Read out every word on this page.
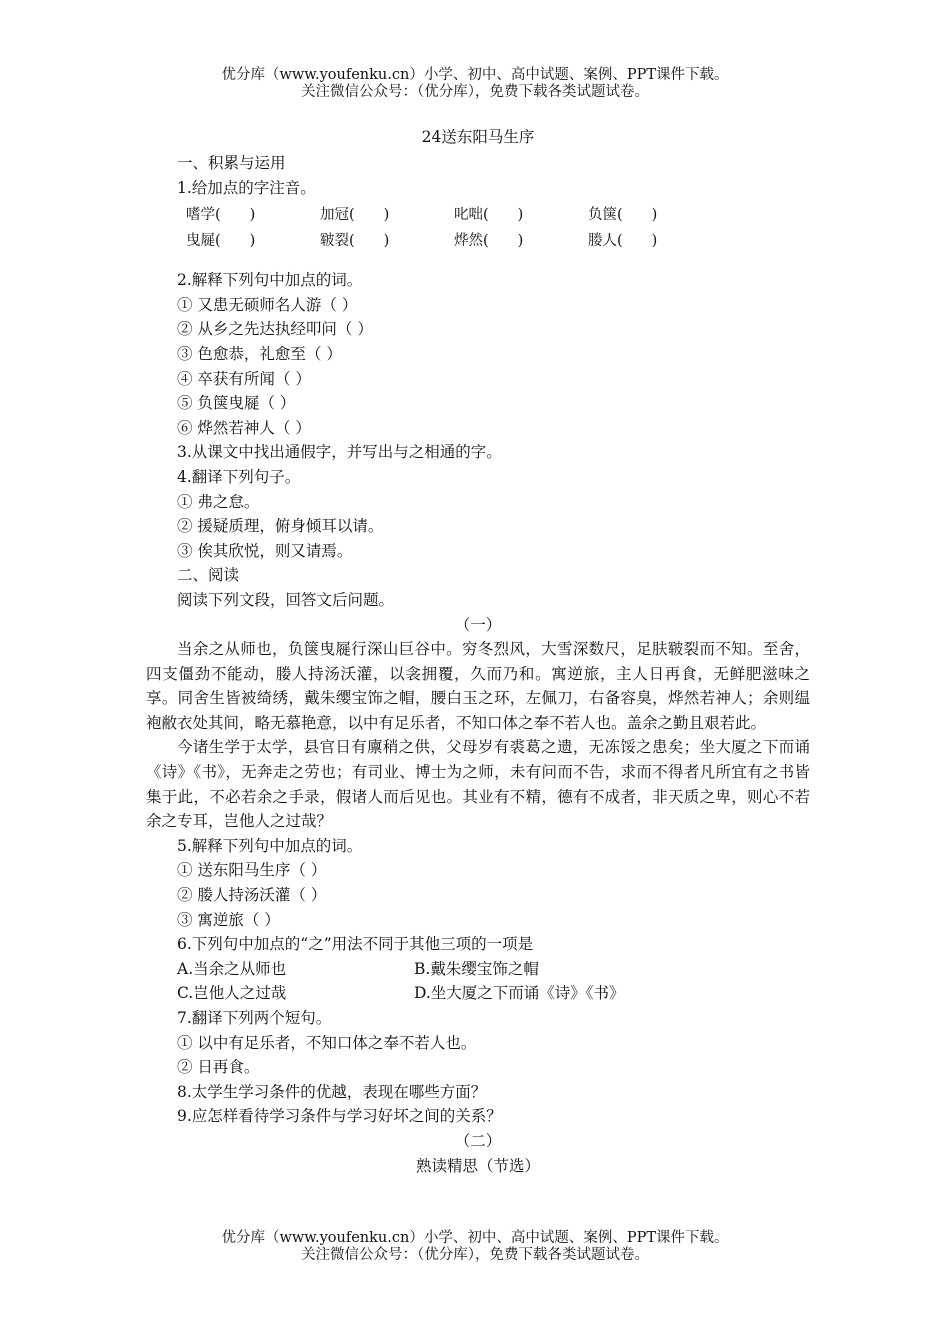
优分库（www.youfenku.cn）小学、初中、高中试题、案例、PPT课件下载。
关注微信公众号：（优分库），免费下载各类试题试卷。
24送东阳马生序
一、积累与运用
1.给加点的字注音。
嗜学(　　)	加冠(　　)	叱咄(　　)	负箧(　　)
曳屣(　　)	皲裂(　　)	烨然(　　)	媵人(　　)
2.解释下列句中加点的词。
① 又患无硕师名人游（ ）
② 从乡之先达执经叩问（ ）
③ 色愈恭，礼愈至（ ）
④ 卒获有所闻（ ）
⑤ 负箧曳屣（ ）
⑥ 烨然若神人（ ）
3.从课文中找出通假字，并写出与之相通的字。
4.翻译下列句子。
① 弗之怠。
② 援疑质理，俯身倾耳以请。
③ 俟其欣悦，则又请焉。
二、阅读
阅读下列文段，回答文后问题。
（一）

当余之从师也，负箧曳屣行深山巨谷中。穷冬烈风，大雪深数尺，足肤皲裂而不知。至舍，四支僵劲不能动，媵人持汤沃灌，以衾拥覆，久而乃和。寓逆旅，主人日再食，无鲜肥滋味之享。同舍生皆被绮绣，戴朱缨宝饰之帽，腰白玉之环，左佩刀，右备容臭，烨然若神人；余则缊袍敝衣处其间，略无慕艳意，以中有足乐者，不知口体之奉不若人也。盖余之勤且艰若此。

今诸生学于太学，县官日有廪稍之供，父母岁有裘葛之遗，无冻馁之患矣；坐大厦之下而诵《诗》《书》，无奔走之劳也；有司业、博士为之师，未有问而不告，求而不得者凡所宜有之书皆集于此，不必若余之手录，假诸人而后见也。其业有不精，德有不成者，非天质之卑，则心不若余之专耳，岂他人之过哉？

5.解释下列句中加点的词。
① 送东阳马生序（ ）
② 媵人持汤沃灌（ ）
③ 寓逆旅（ ）
6.下列句中加点的“之”用法不同于其他三项的一项是
A.当余之从师也	B.戴朱缨宝饰之帽
C.岂他人之过哉	D.坐大厦之下而诵《诗》《书》
7.翻译下列两个短句。
① 以中有足乐者，不知口体之奉不若人也。
② 日再食。
8.太学生学习条件的优越，表现在哪些方面？
9.应怎样看待学习条件与学习好坏之间的关系？
（二）
熟读精思（节选）
优分库（www.youfenku.cn）小学、初中、高中试题、案例、PPT课件下载。
关注微信公众号：（优分库），免费下载各类试题试卷。
